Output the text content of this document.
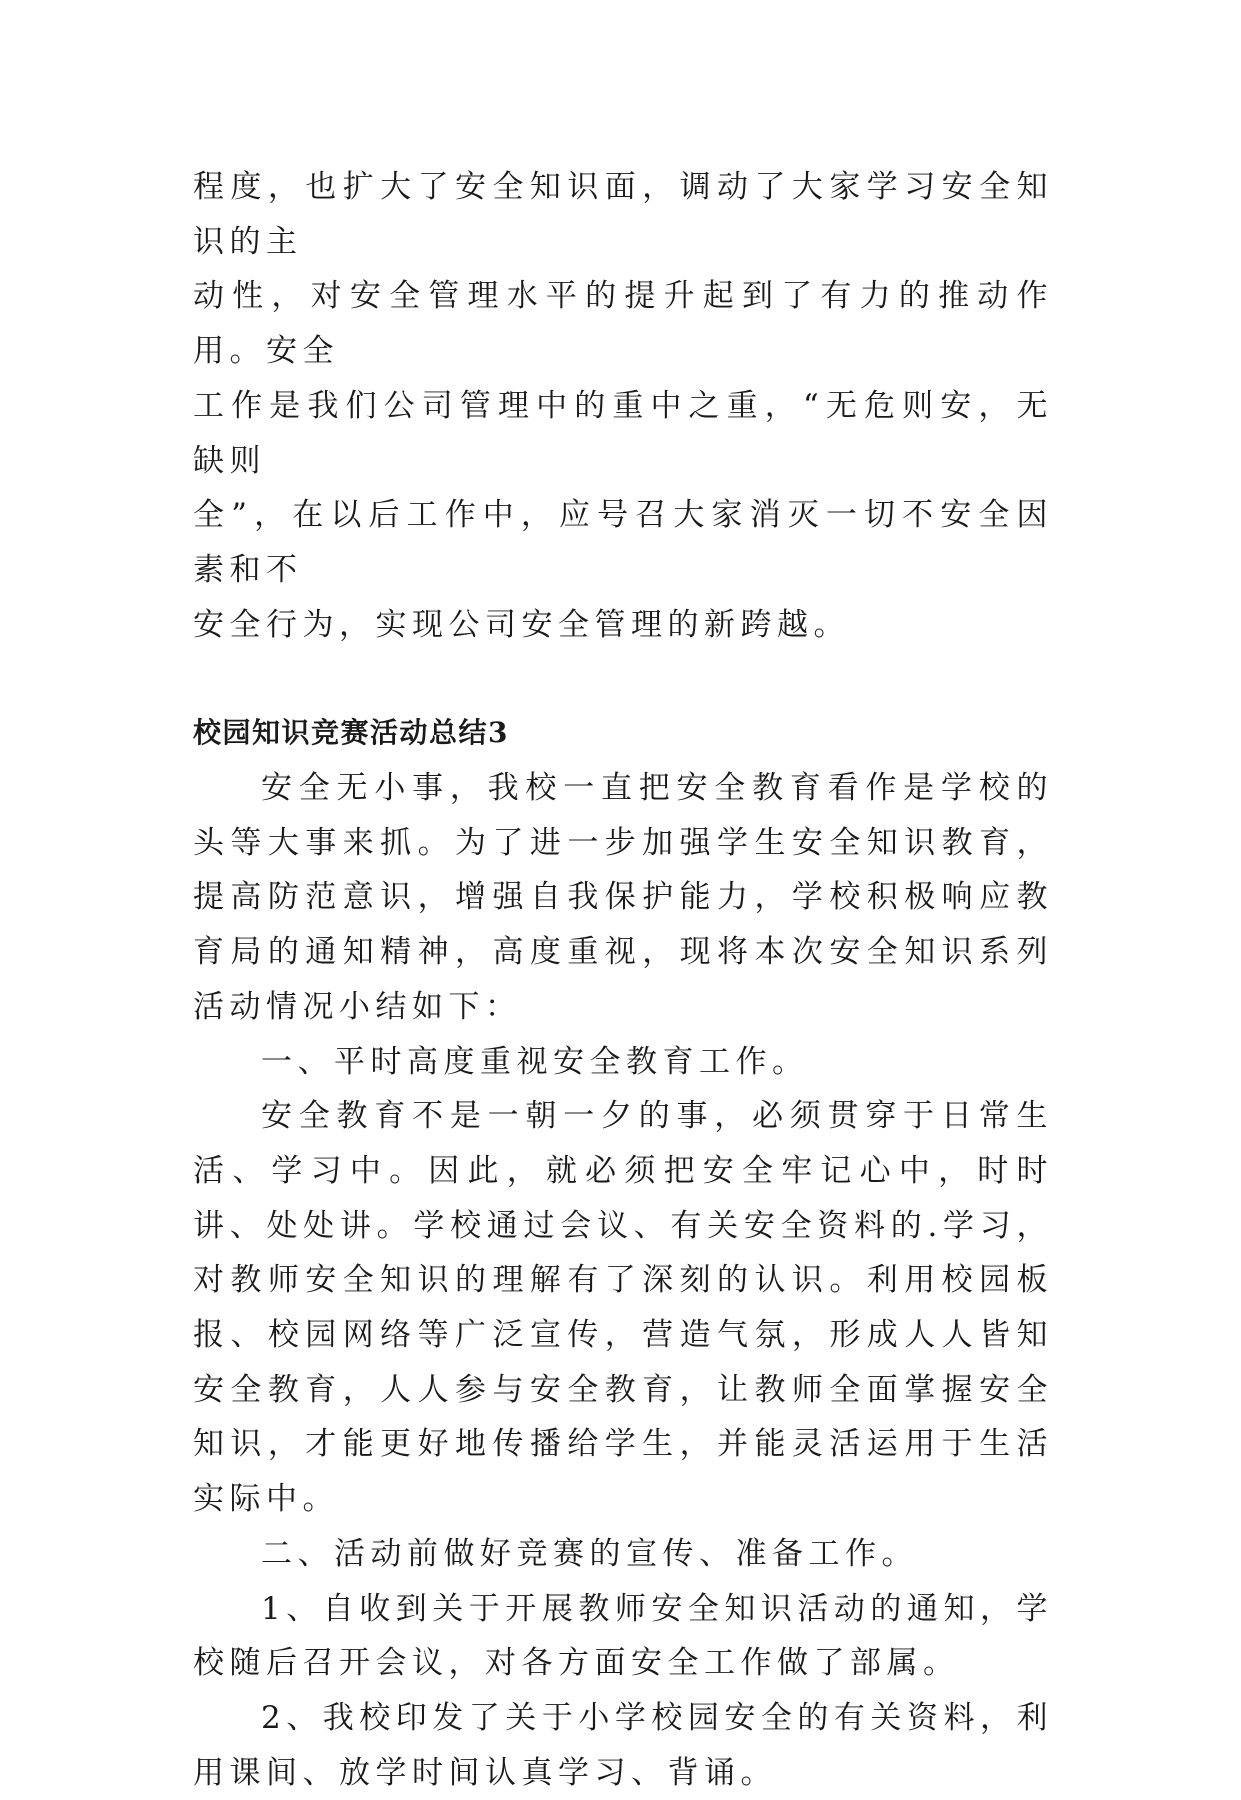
程度，也扩大了安全知识面，调动了大家学习安全知识的主
动性，对安全管理水平的提升起到了有力的推动作用。安全
工作是我们公司管理中的重中之重，“无危则安，无缺则
全”，在以后工作中，应号召大家消灭一切不安全因素和不
安全行为，实现公司安全管理的新跨越。

校园知识竞赛活动总结3

安全无小事，我校一直把安全教育看作是学校的头等大事来抓。为了进一步加强学生安全知识教育，提高防范意识，增强自我保护能力，学校积极响应教育局的通知精神，高度重视，现将本次安全知识系列活动情况小结如下：

一、平时高度重视安全教育工作。

安全教育不是一朝一夕的事，必须贯穿于日常生活、学习中。因此，就必须把安全牢记心中，时时讲、处处讲。学校通过会议、有关安全资料的.学习，对教师安全知识的理解有了深刻的认识。利用校园板报、校园网络等广泛宣传，营造气氛，形成人人皆知安全教育，人人参与安全教育，让教师全面掌握安全知识，才能更好地传播给学生，并能灵活运用于生活实际中。

二、活动前做好竞赛的宣传、准备工作。

1、自收到关于开展教师安全知识活动的通知，学校随后召开会议，对各方面安全工作做了部属。

2、我校印发了关于小学校园安全的有关资料，利用课间、放学时间认真学习、背诵。
